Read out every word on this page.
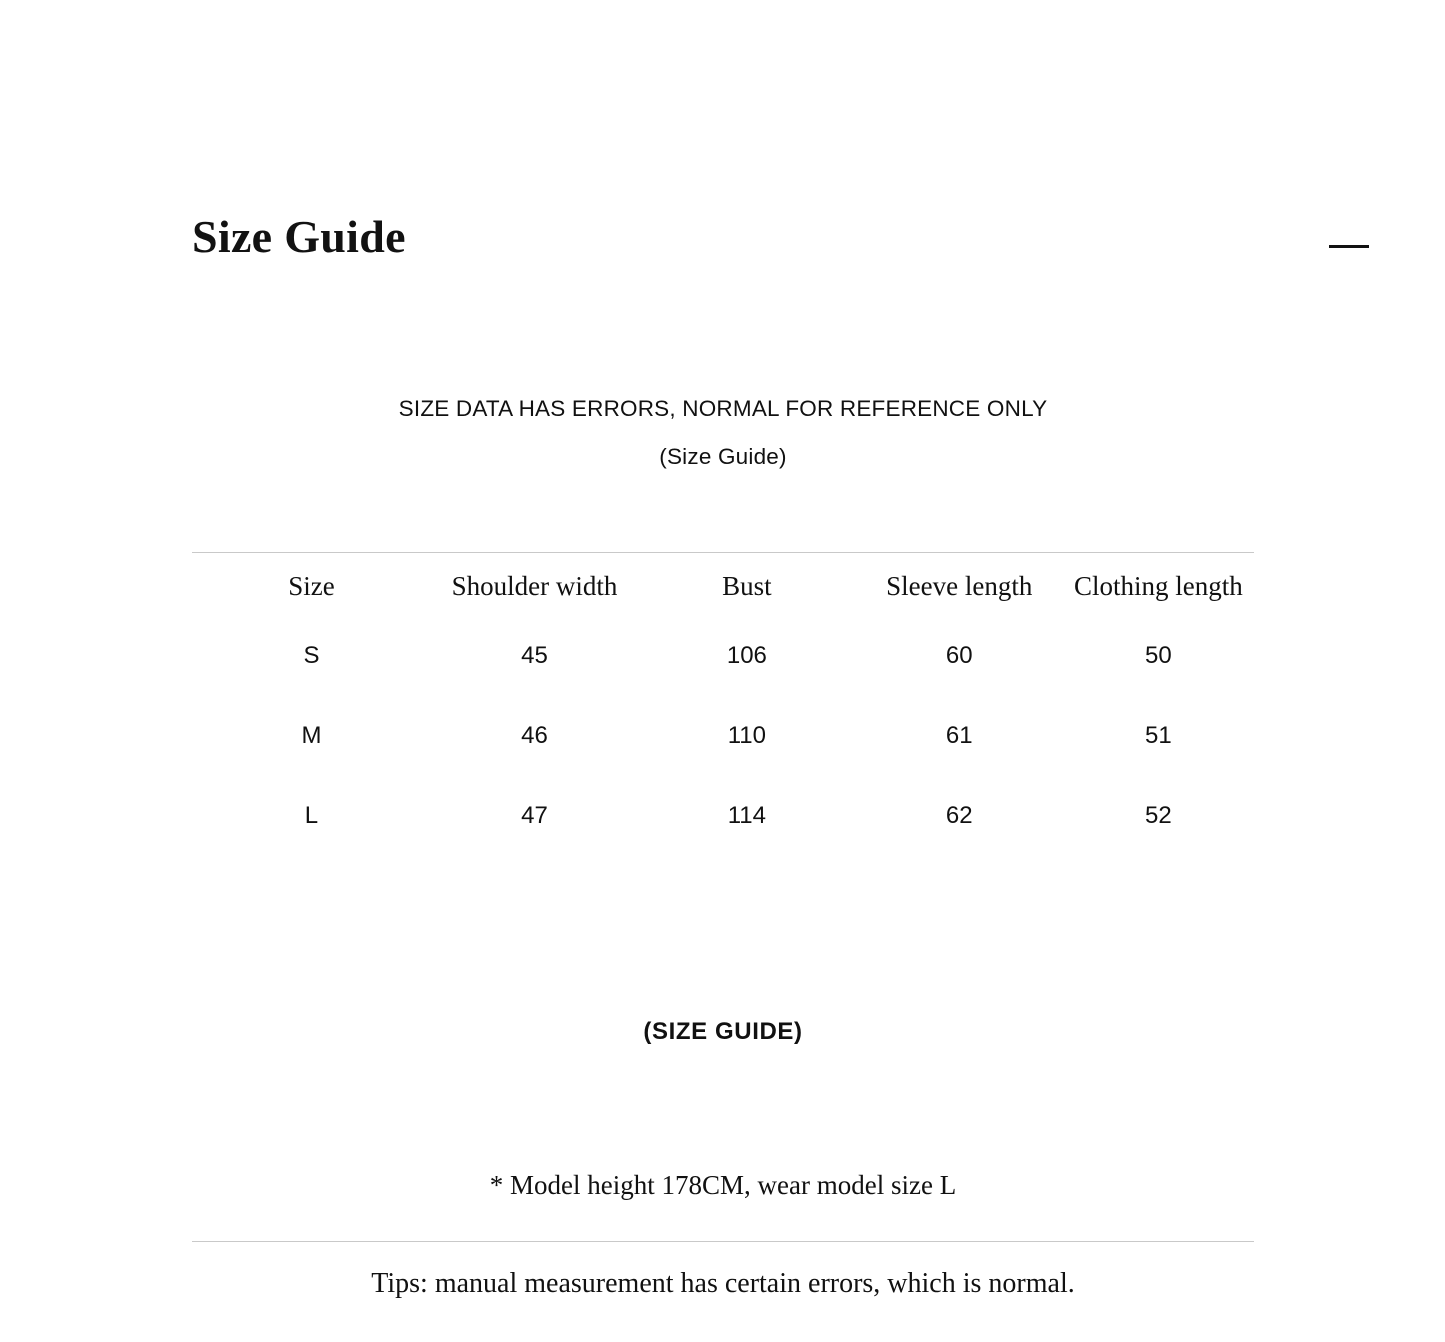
Size Guide
SIZE DATA HAS ERRORS, NORMAL FOR REFERENCE ONLY
(Size Guide)
Size	Shoulder width	Bust	Sleeve length	Clothing length
S	45	106	60	50
M	46	110	61	51
L	47	114	62	52
(SIZE GUIDE)
* Model height 178CM, wear model size L
Tips: manual measurement has certain errors, which is normal.
